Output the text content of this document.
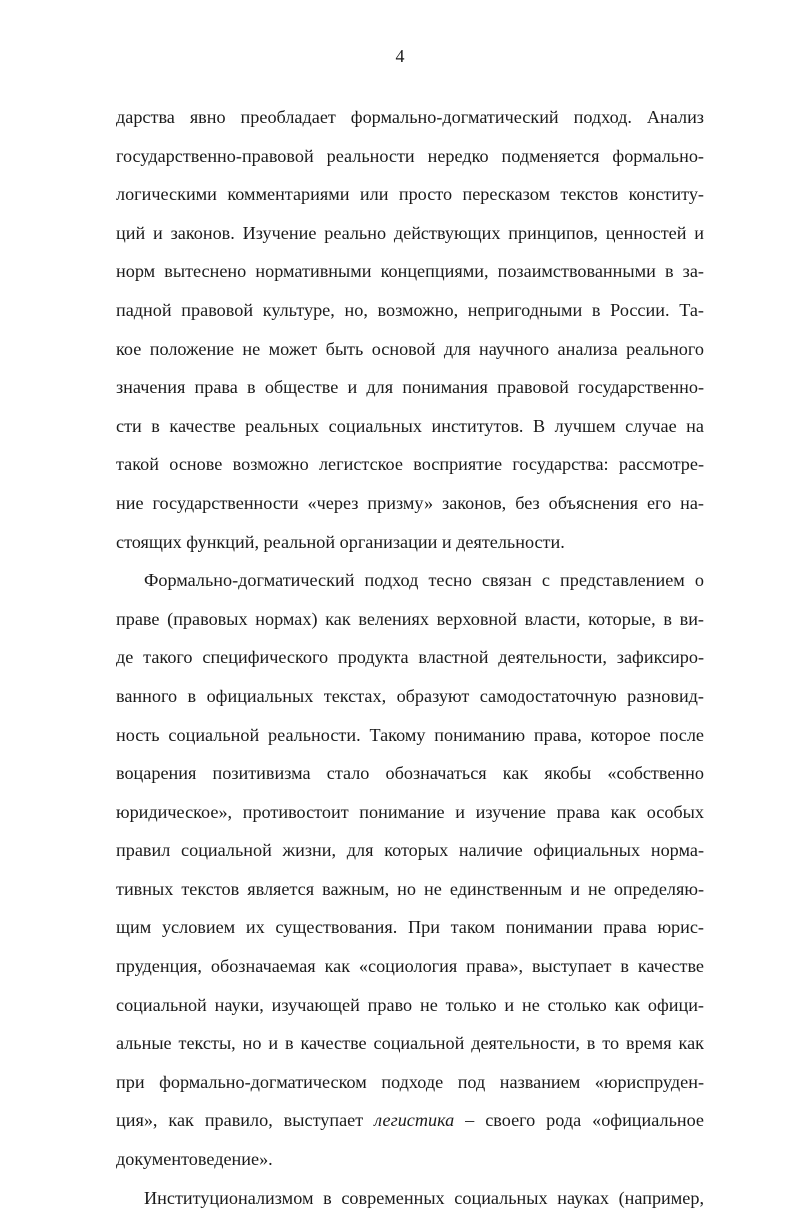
4
дарства явно преобладает формально-догматический подход. Анализ
государственно-правовой реальности нередко подменяется формально-
логическими комментариями или просто пересказом текстов конститу-
ций и законов. Изучение реально действующих принципов, ценностей и
норм вытеснено нормативными концепциями, позаимствованными в за-
падной правовой культуре, но, возможно, непригодными в России. Та-
кое положение не может быть основой для научного анализа реального
значения права в обществе и для понимания правовой государственно-
сти в качестве реальных социальных институтов. В лучшем случае на
такой основе возможно легистское восприятие государства: рассмотре-
ние государственности «через призму» законов, без объяснения его на-
стоящих функций, реальной организации и деятельности.
Формально-догматический подход тесно связан с представлением о
праве (правовых нормах) как велениях верховной власти, которые, в ви-
де такого специфического продукта властной деятельности, зафиксиро-
ванного в официальных текстах, образуют самодостаточную разновид-
ность социальной реальности. Такому пониманию права, которое после
воцарения позитивизма стало обозначаться как якобы «собственно
юридическое», противостоит понимание и изучение права как особых
правил социальной жизни, для которых наличие официальных норма-
тивных текстов является важным, но не единственным и не определяю-
щим условием их существования. При таком понимании права юрис-
пруденция, обозначаемая как «социология права», выступает в качестве
социальной науки, изучающей право не только и не столько как офици-
альные тексты, но и в качестве социальной деятельности, в то время как
при формально-догматическом подходе под названием «юриспруден-
ция», как правило, выступает легистика – своего рода «официальное
документоведение».
Институционализмом в современных социальных науках (например,
